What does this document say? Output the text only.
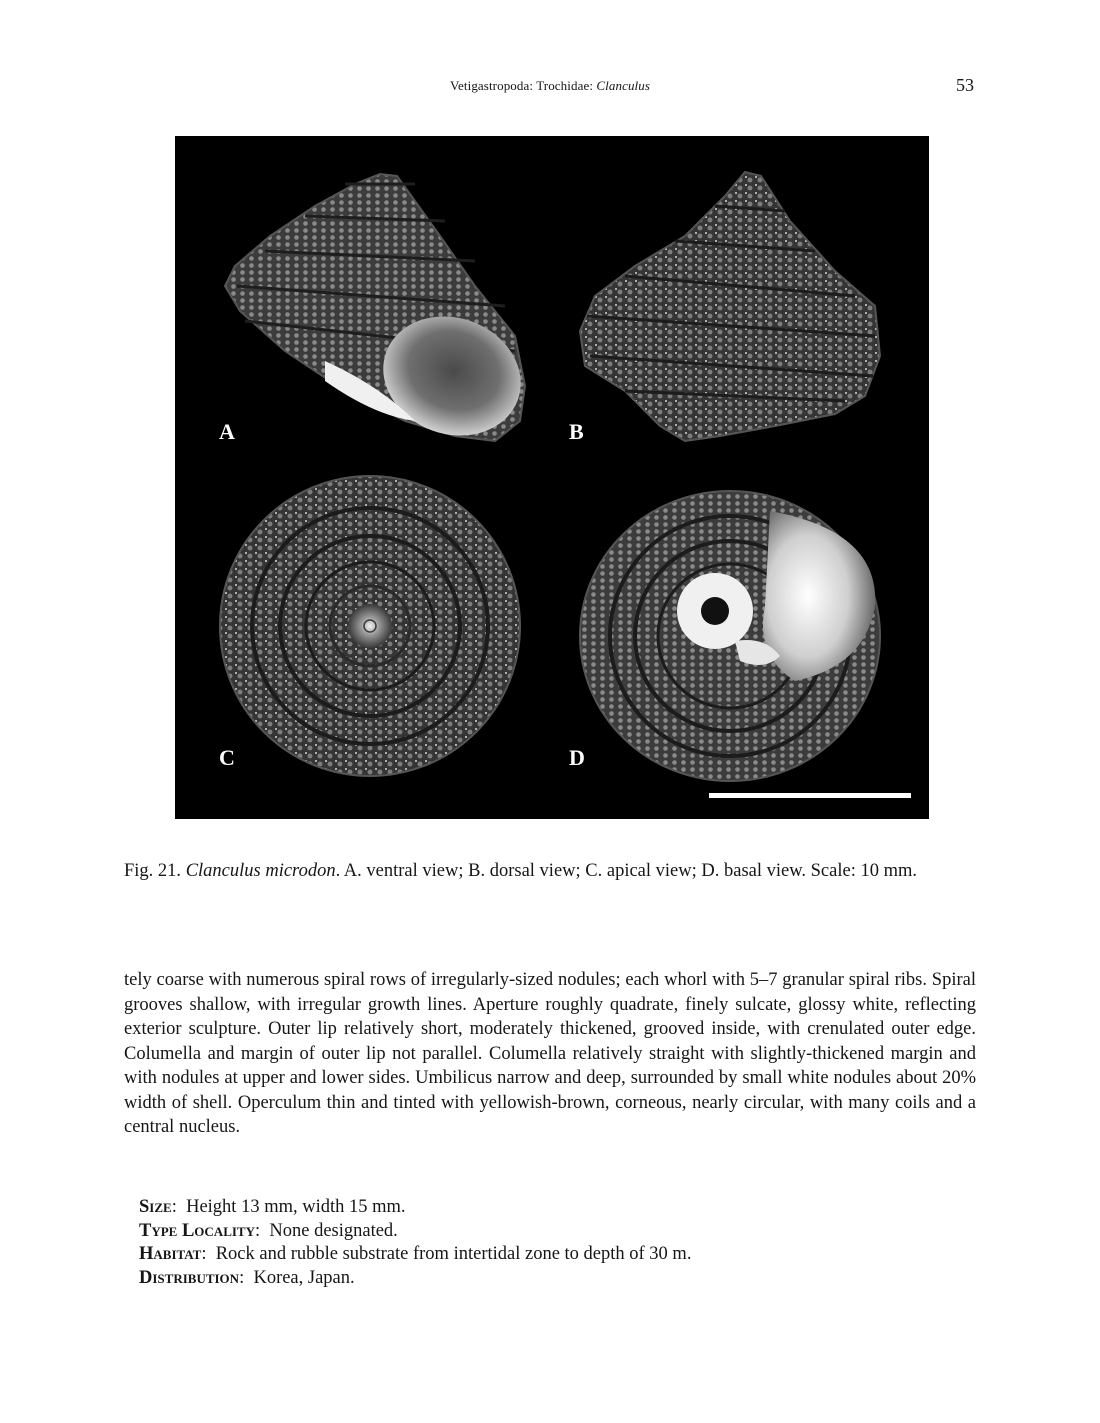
Vetigastropoda: Trochidae: Clanculus	53
A	B
C	D
Fig. 21. Clanculus microdon. A. ventral view; B. dorsal view; C. apical view; D. basal view. Scale: 10 mm.

tely coarse with numerous spiral rows of irregularly-sized nodules; each whorl with 5–7 granular spiral ribs. Spiral grooves shallow, with irregular growth lines. Aperture roughly quadrate, finely sulcate, glossy white, reflecting exterior sculpture. Outer lip relatively short, moderately thickened, grooved inside, with crenulated outer edge. Columella and margin of outer lip not parallel. Columella relatively straight with slightly-thickened margin and with nodules at upper and lower sides. Umbilicus narrow and deep, surrounded by small white nodules about 20% width of shell. Operculum thin and tinted with yellowish-brown, corneous, nearly circular, with many coils and a central nucleus.

Size:  Height 13 mm, width 15 mm.
Type Locality:  None designated.
Habitat:  Rock and rubble substrate from intertidal zone to depth of 30 m.
Distribution:  Korea, Japan.
